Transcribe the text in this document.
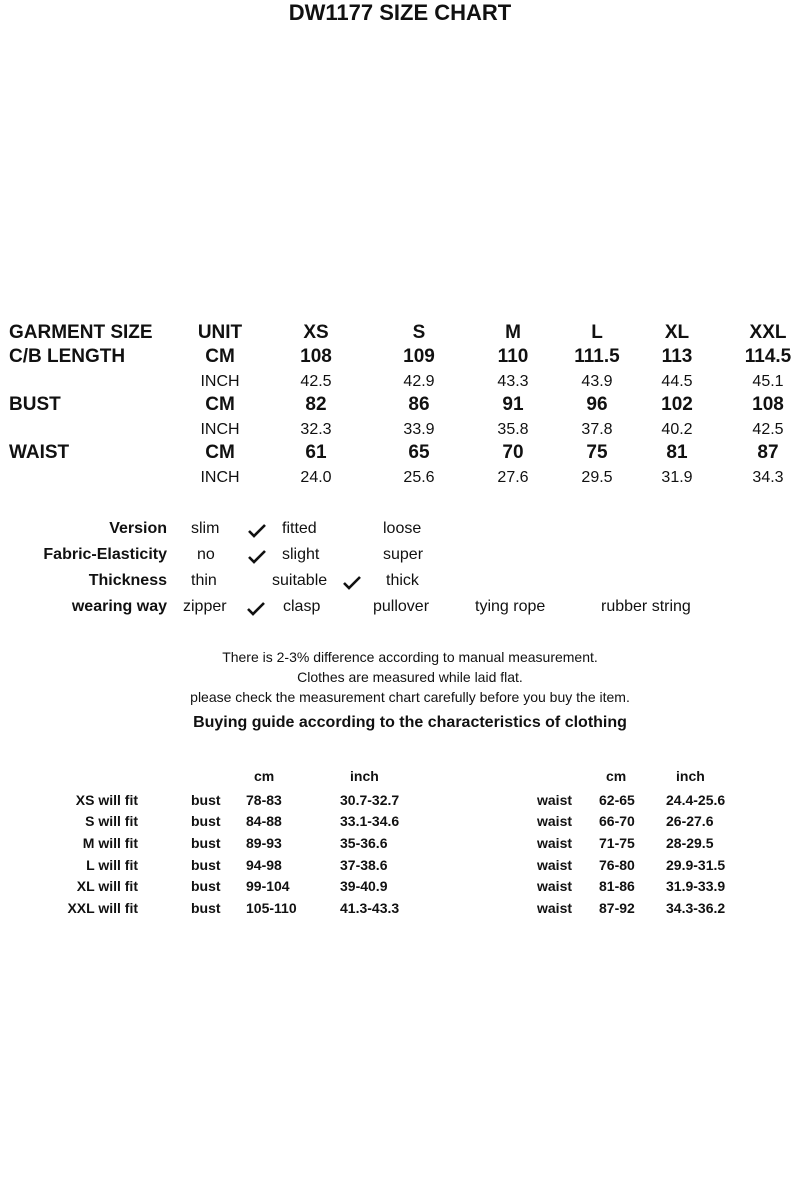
DW1177 SIZE CHART
GARMENT SIZE	UNIT	XS	S	M	L	XL	XXL
C/B LENGTH	CM	108	109	110	111.5	113	114.5
INCH	42.5	42.9	43.3	43.9	44.5	45.1
BUST	CM	82	86	91	96	102	108
INCH	32.3	33.9	35.8	37.8	40.2	42.5
WAIST	CM	61	65	70	75	81	87
INCH	24.0	25.6	27.6	29.5	31.9	34.3
Version slim	fitted	loose
Fabric-Elasticity no	slight	super
Thickness thin	suitable	thick
wearing way zipper	clasp	pullover	tying rope	rubber string
There is 2-3% difference according to manual measurement.
Clothes are measured while laid flat.
please check the measurement chart carefully before you buy the item.
Buying guide according to the characteristics of clothing
cm	inch	cm	inch
XS will fit	bust 78-83	30.7-32.7	waist 62-65 24.4-25.6
S will fit	bust 84-88	33.1-34.6	waist 66-70 26-27.6
M will fit	bust 89-93	35-36.6	waist 71-75 28-29.5
L will fit	bust 94-98	37-38.6	waist 76-80 29.9-31.5
XL will fit	bust 99-104	39-40.9	waist 81-86 31.9-33.9
XXL will fit	bust 105-110	41.3-43.3	waist 87-92 34.3-36.2
